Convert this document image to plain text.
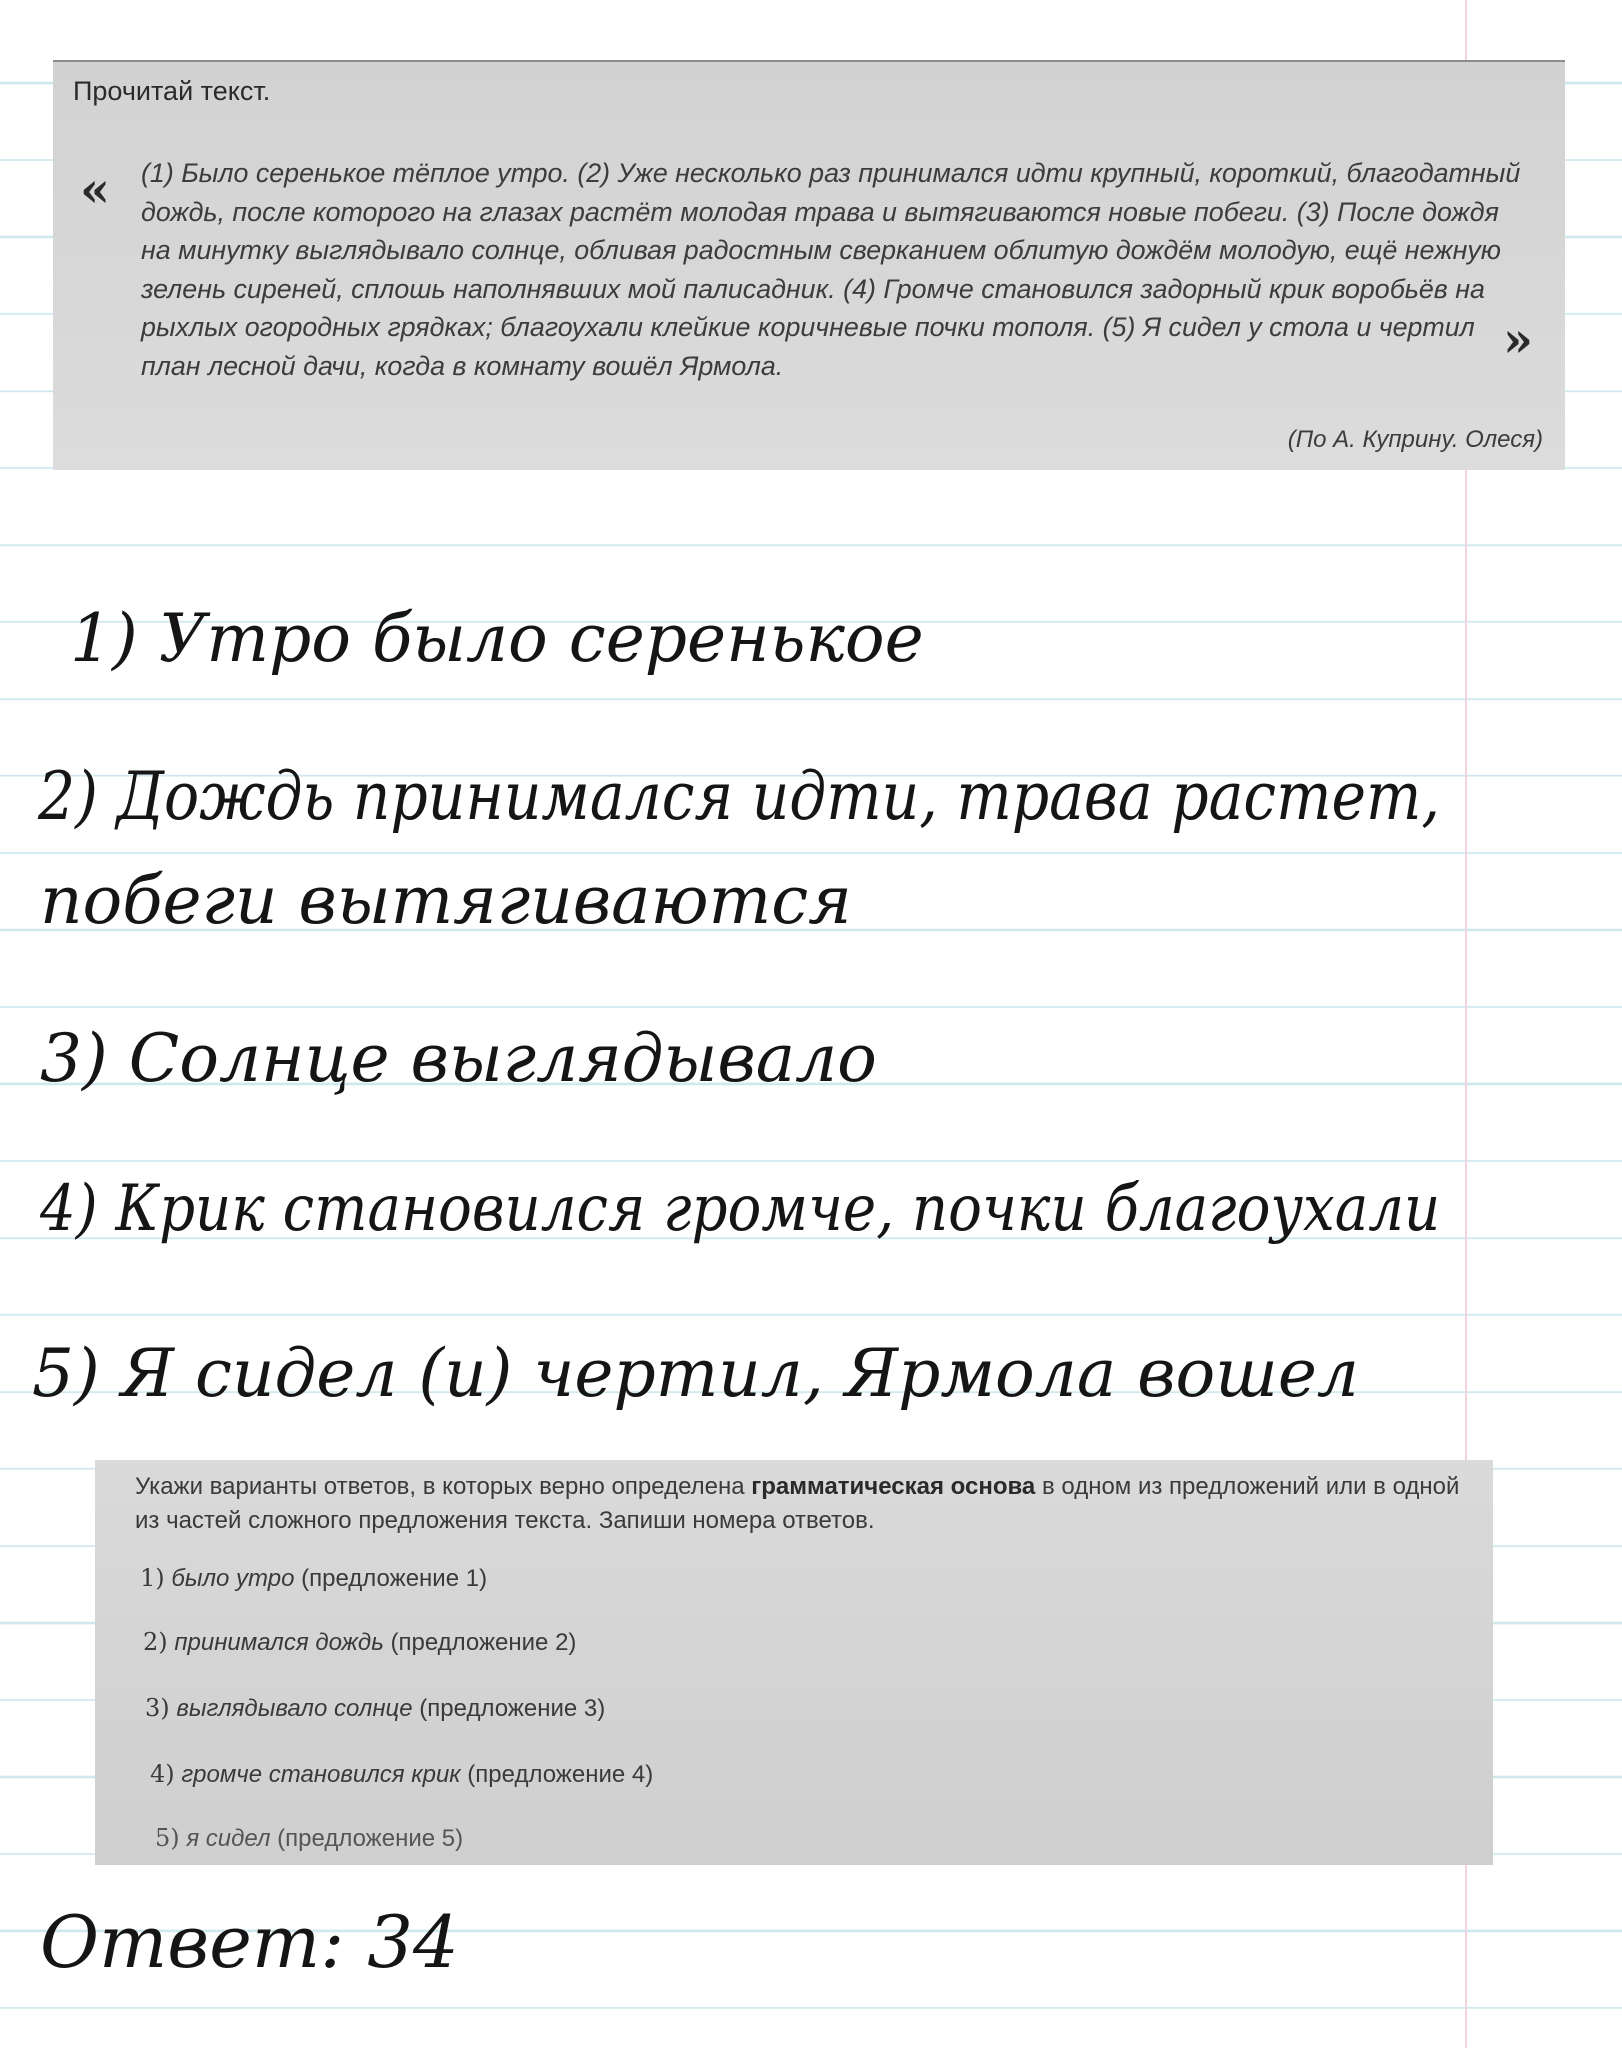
Прочитай текст.
« (1) Было серенькое тёплое утро. (2) Уже несколько раз принимался идти крупный, короткий, благодатный
дождь, после которого на глазах растёт молодая трава и вытягиваются новые побеги. (3) После дождя
на минутку выглядывало солнце, обливая радостным сверканием облитую дождём молодую, ещё нежную
зелень сиреней, сплошь наполнявших мой палисадник. (4) Громче становился задорный крик воробьёв на
рыхлых огородных грядках; благоухали клейкие коричневые почки тополя. (5) Я сидел у стола и чертил
план лесной дачи, когда в комнату вошёл Ярмола.	»
(По А. Куприну. Олеся)
1) Утро было серенькое
2) Дождь принимался идти, трава растет,
побеги вытягиваются
3) Солнце выглядывало
4) Крик становился громче, почки благоухали
5) Я сидел (и) чертил, Ярмола вошел
Укажи варианты ответов, в которых верно определена грамматическая основа в одном из предложений или в одной из частей сложного предложения текста. Запиши номера ответов.
1) было утро (предложение 1)
2) принимался дождь (предложение 2)
3) выглядывало солнце (предложение 3)
4) громче становился крик (предложение 4)
5) я сидел (предложение 5)
Ответ: 34
